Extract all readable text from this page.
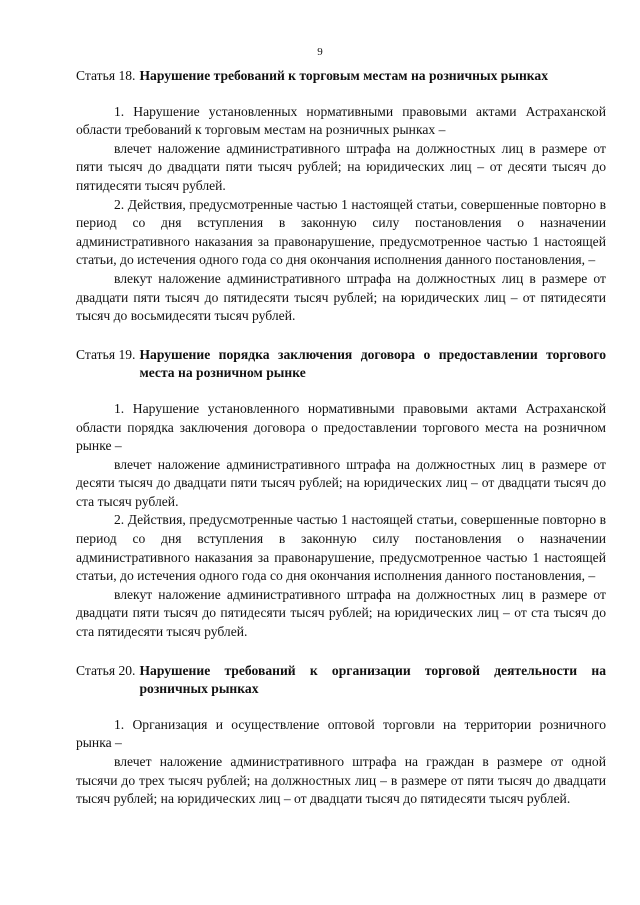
9
Статья 18. Нарушение требований к торговым местам на розничных рынках

1. Нарушение установленных нормативными правовыми актами Астраханской области требований к торговым местам на розничных рынках –

влечет наложение административного штрафа на должностных лиц в размере от пяти тысяч до двадцати пяти тысяч рублей; на юридических лиц – от десяти тысяч до пятидесяти тысяч рублей.

2. Действия, предусмотренные частью 1 настоящей статьи, совершенные повторно в период со дня вступления в законную силу постановления о назначении административного наказания за правонарушение, предусмотренное частью 1 настоящей статьи, до истечения одного года со дня окончания исполнения данного постановления, –

влекут наложение административного штрафа на должностных лиц в размере от двадцати пяти тысяч до пятидесяти тысяч рублей; на юридических лиц – от пятидесяти тысяч до восьмидесяти тысяч рублей.

Статья 19. Нарушение порядка заключения договора о предоставлении торгового места на розничном рынке

1. Нарушение установленного нормативными правовыми актами Астраханской области порядка заключения договора о предоставлении торгового места на розничном рынке –

влечет наложение административного штрафа на должностных лиц в размере от десяти тысяч до двадцати пяти тысяч рублей; на юридических лиц – от двадцати тысяч до ста тысяч рублей.

2. Действия, предусмотренные частью 1 настоящей статьи, совершенные повторно в период со дня вступления в законную силу постановления о назначении административного наказания за правонарушение, предусмотренное частью 1 настоящей статьи, до истечения одного года со дня окончания исполнения данного постановления, –

влекут наложение административного штрафа на должностных лиц в размере от двадцати пяти тысяч до пятидесяти тысяч рублей; на юридических лиц – от ста тысяч до ста пятидесяти тысяч рублей.

Статья 20. Нарушение требований к организации торговой деятельности на розничных рынках

1. Организация и осуществление оптовой торговли на территории розничного рынка –

влечет наложение административного штрафа на граждан в размере от одной тысячи до трех тысяч рублей; на должностных лиц – в размере от пяти тысяч до двадцати тысяч рублей; на юридических лиц – от двадцати тысяч до пятидесяти тысяч рублей.
